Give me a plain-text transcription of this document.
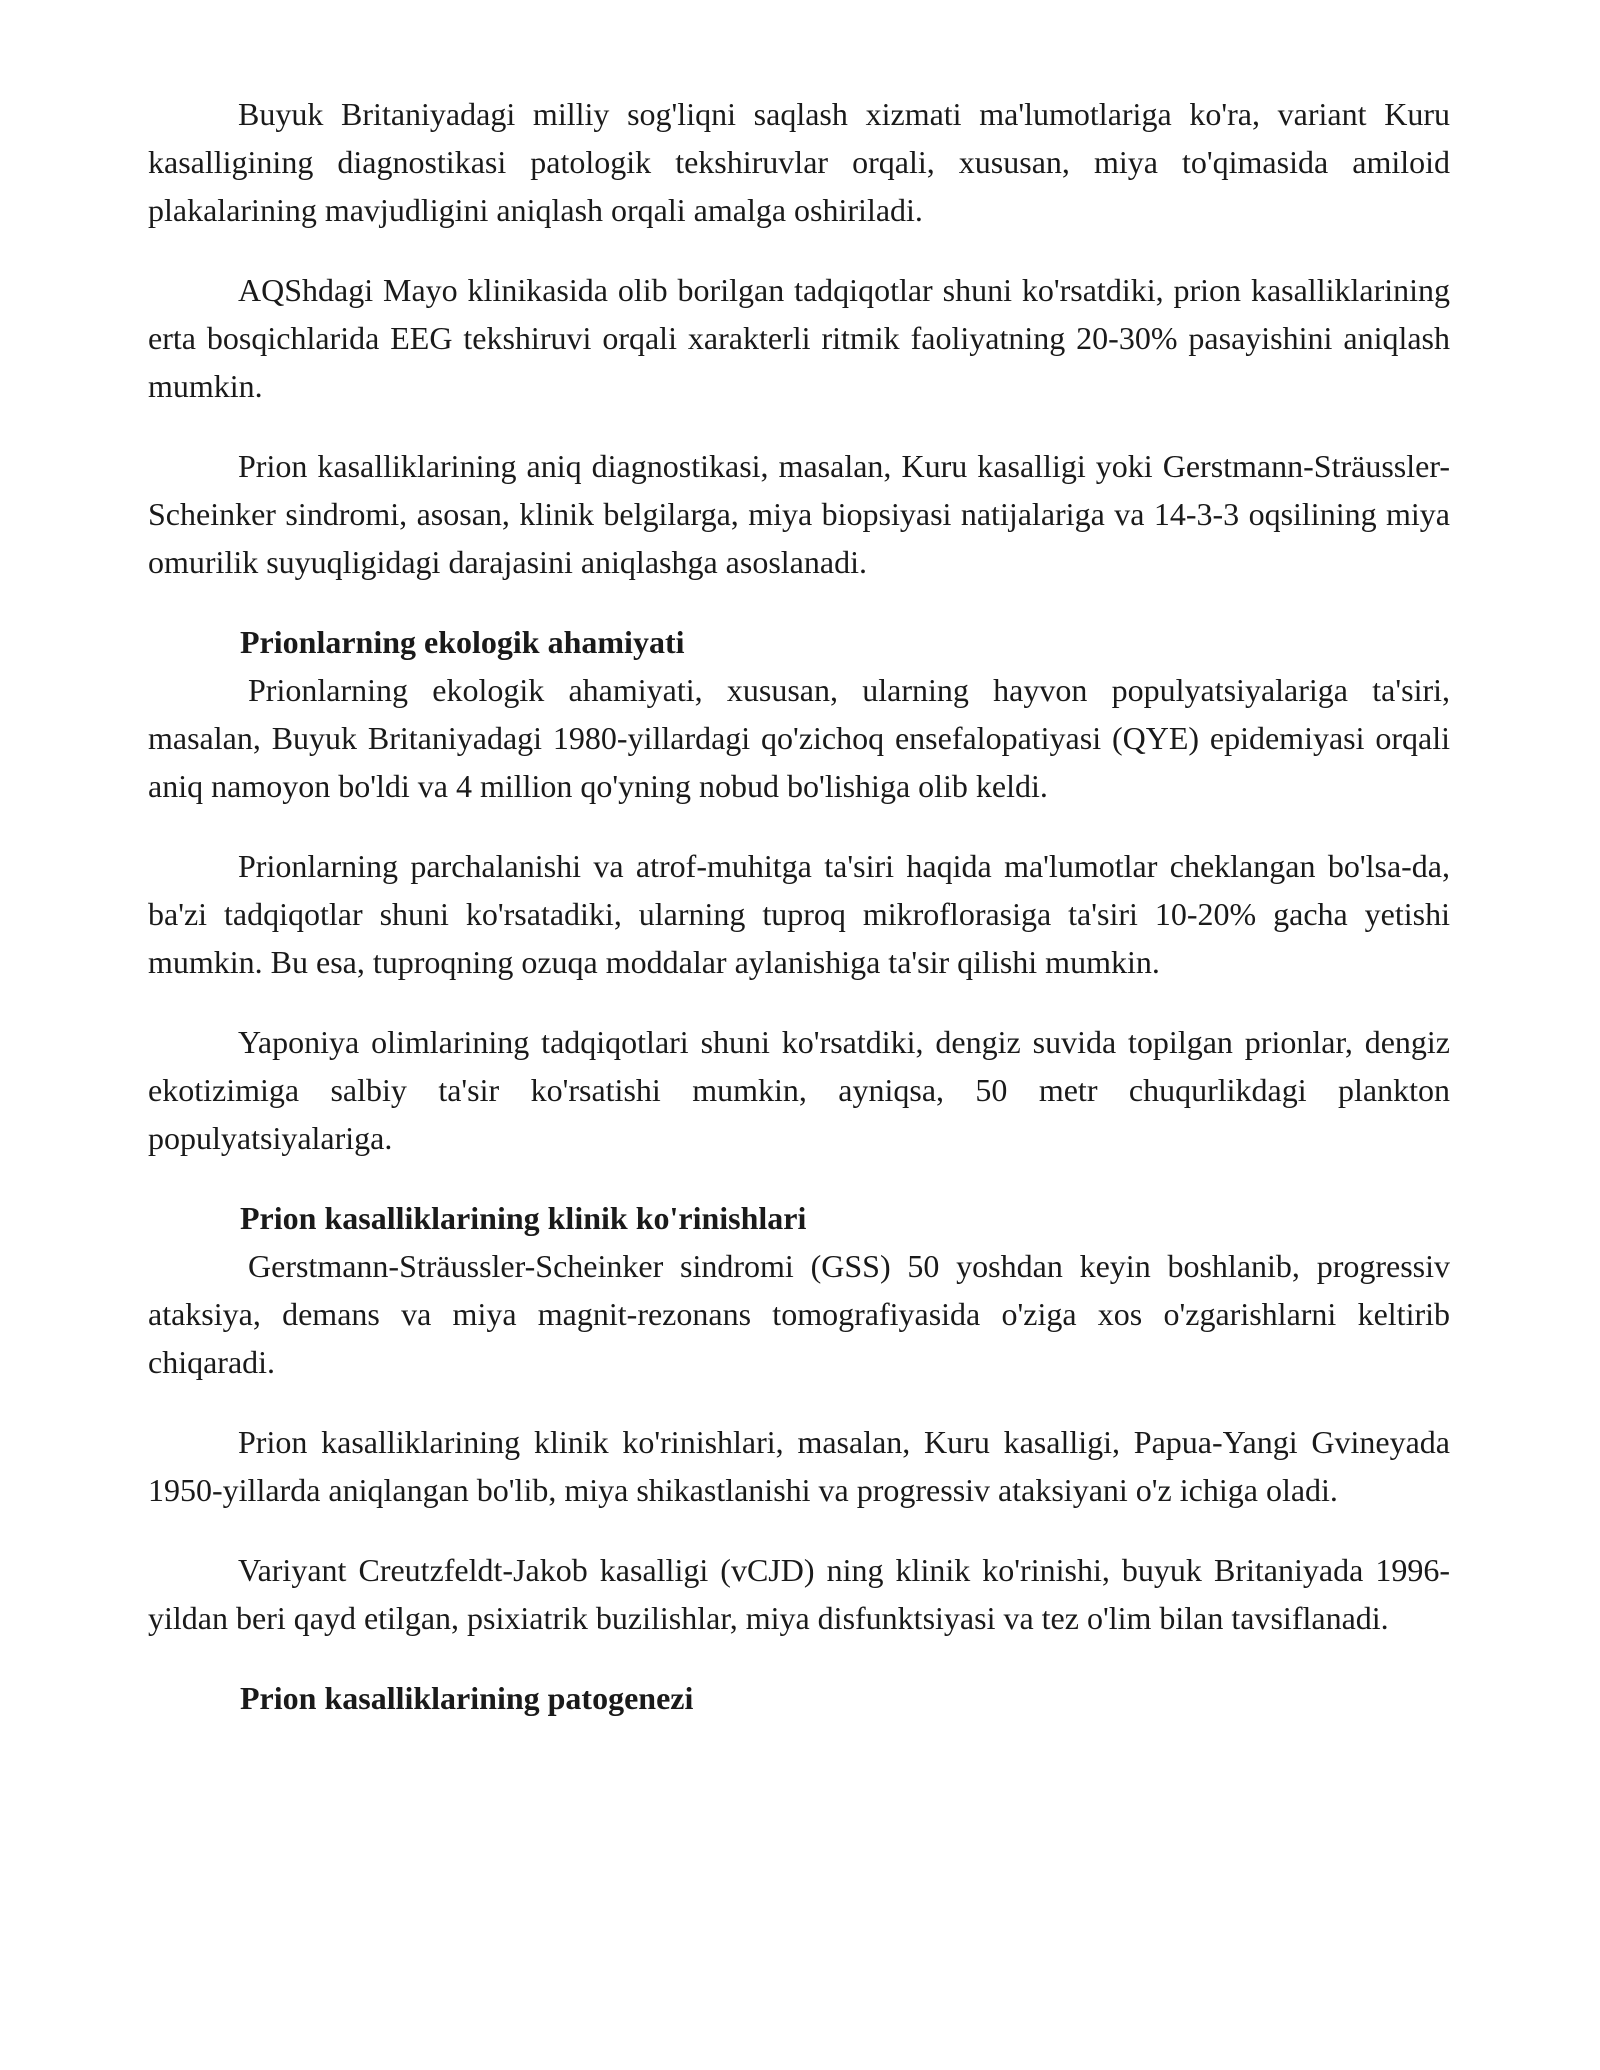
Buyuk Britaniyadagi milliy sog'liqni saqlash xizmati ma'lumotlariga ko'ra, variant Kuru kasalligining diagnostikasi patologik tekshiruvlar orqali, xususan, miya to'qimasida amiloid plakalarining mavjudligini aniqlash orqali amalga oshiriladi.

AQShdagi Mayo klinikasida olib borilgan tadqiqotlar shuni ko'rsatdiki, prion kasalliklarining erta bosqichlarida EEG tekshiruvi orqali xarakterli ritmik faoliyatning 20-30% pasayishini aniqlash mumkin.

Prion kasalliklarining aniq diagnostikasi, masalan, Kuru kasalligi yoki Gerstmann-Sträussler-Scheinker sindromi, asosan, klinik belgilarga, miya biopsiyasi natijalariga va 14-3-3 oqsilining miya omurilik suyuqligidagi darajasini aniqlashga asoslanadi.

Prionlarning ekologik ahamiyati

Prionlarning ekologik ahamiyati, xususan, ularning hayvon populyatsiyalariga ta'siri, masalan, Buyuk Britaniyadagi 1980-yillardagi qo'zichoq ensefalopatiyasi (QYE) epidemiyasi orqali aniq namoyon bo'ldi va 4 million qo'yning nobud bo'lishiga olib keldi.

Prionlarning parchalanishi va atrof-muhitga ta'siri haqida ma'lumotlar cheklangan bo'lsa-da, ba'zi tadqiqotlar shuni ko'rsatadiki, ularning tuproq mikroflorasiga ta'siri 10-20% gacha yetishi mumkin. Bu esa, tuproqning ozuqa moddalar aylanishiga ta'sir qilishi mumkin.

Yaponiya olimlarining tadqiqotlari shuni ko'rsatdiki, dengiz suvida topilgan prionlar, dengiz ekotizimiga salbiy ta'sir ko'rsatishi mumkin, ayniqsa, 50 metr chuqurlikdagi plankton populyatsiyalariga.

Prion kasalliklarining klinik ko'rinishlari

Gerstmann-Sträussler-Scheinker sindromi (GSS) 50 yoshdan keyin boshlanib, progressiv ataksiya, demans va miya magnit-rezonans tomografiyasida o'ziga xos o'zgarishlarni keltirib chiqaradi.

Prion kasalliklarining klinik ko'rinishlari, masalan, Kuru kasalligi, Papua-Yangi Gvineyada 1950-yillarda aniqlangan bo'lib, miya shikastlanishi va progressiv ataksiyani o'z ichiga oladi.

Variyant Creutzfeldt-Jakob kasalligi (vCJD) ning klinik ko'rinishi, buyuk Britaniyada 1996-yildan beri qayd etilgan, psixiatrik buzilishlar, miya disfunktsiyasi va tez o'lim bilan tavsiflanadi.

Prion kasalliklarining patogenezi
